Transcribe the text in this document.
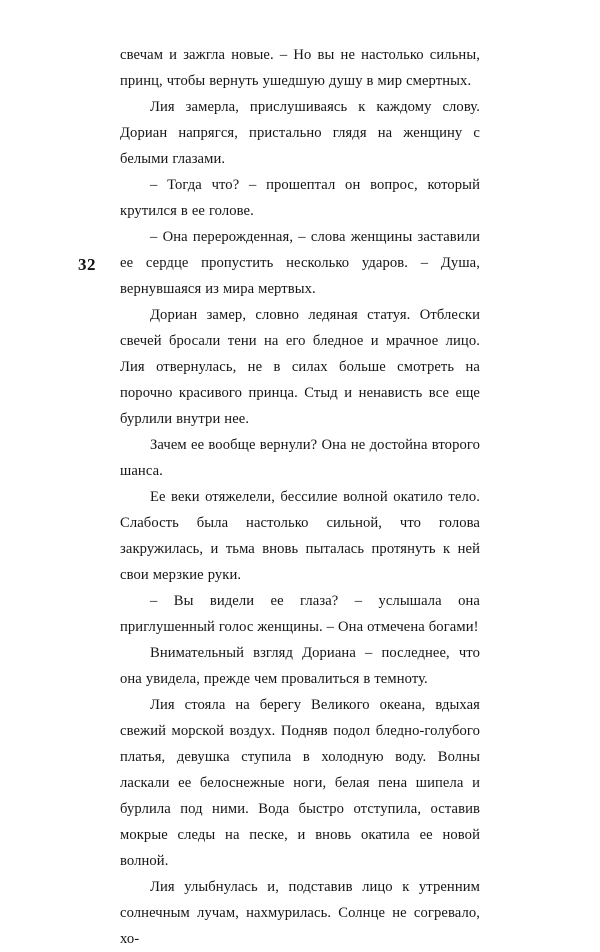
32

свечам и зажгла новые. – Но вы не настолько сильны, принц, чтобы вернуть ушедшую душу в мир смертных.

Лия замерла, прислушиваясь к каждому слову. Дориан напрягся, пристально глядя на женщину с белыми глазами.

– Тогда что? – прошептал он вопрос, который крутился в ее голове.

– Она перерожденная, – слова женщины заставили ее сердце пропустить несколько ударов. – Душа, вернувшаяся из мира мертвых.

Дориан замер, словно ледяная статуя. Отблески свечей бросали тени на его бледное и мрачное лицо. Лия отвернулась, не в силах больше смотреть на порочно красивого принца. Стыд и ненависть все еще бурлили внутри нее.

Зачем ее вообще вернули? Она не достойна второго шанса.

Ее веки отяжелели, бессилие волной окатило тело. Слабость была настолько сильной, что голова закружилась, и тьма вновь пыталась протянуть к ней свои мерзкие руки.

– Вы видели ее глаза? – услышала она приглушенный голос женщины. – Она отмечена богами!

Внимательный взгляд Дориана – последнее, что она увидела, прежде чем провалиться в темноту.

Лия стояла на берегу Великого океана, вдыхая свежий морской воздух. Подняв подол бледно-голубого платья, девушка ступила в холодную воду. Волны ласкали ее белоснежные ноги, белая пена шипела и бурлила под ними. Вода быстро отступила, оставив мокрые следы на песке, и вновь окатила ее новой волной.

Лия улыбнулась и, подставив лицо к утренним солнечным лучам, нахмурилась. Солнце не согревало, хо-
